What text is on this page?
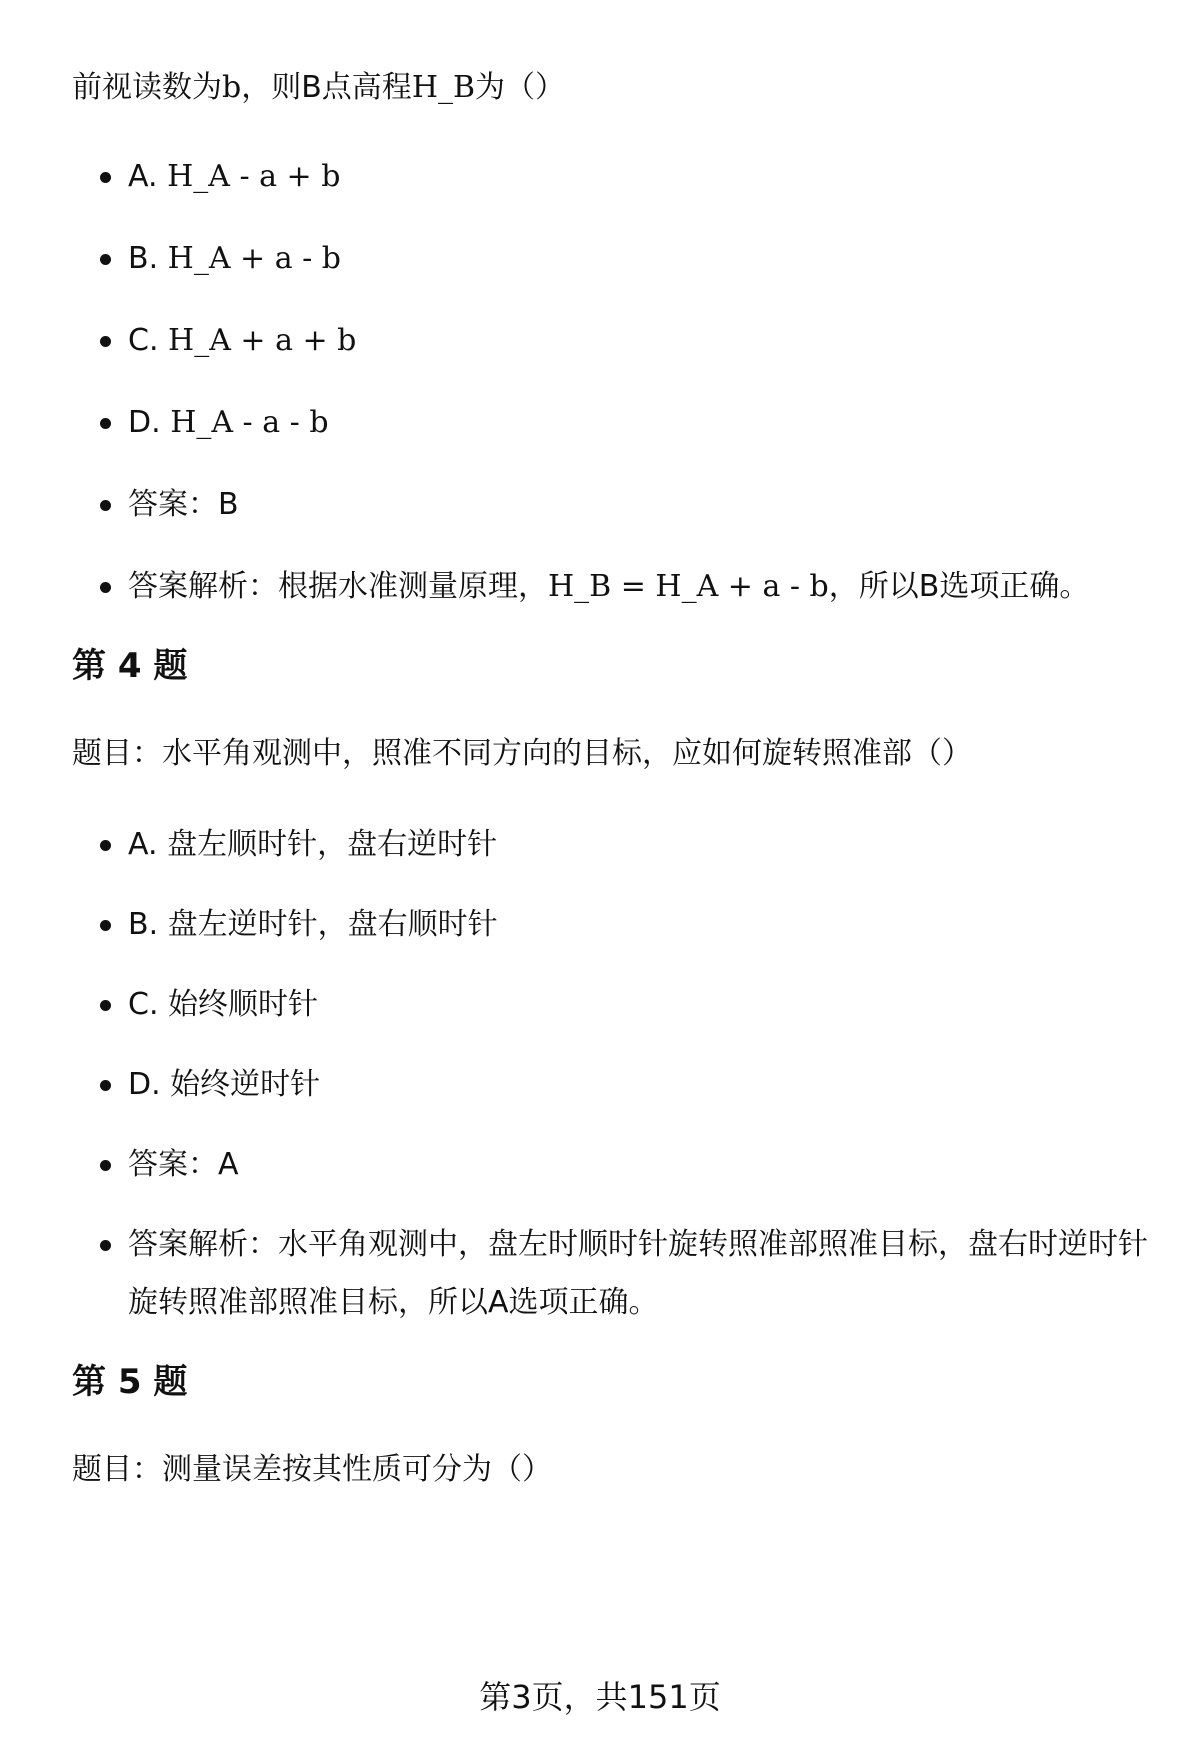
前视读数为b，则B点高程H_B为（）

A. H_A - a + b
B. H_A + a - b
C. H_A + a + b
D. H_A - a - b
答案：B
答案解析：根据水准测量原理，H_B = H_A + a - b，所以B选项正确。
第 4 题

题目：水平角观测中，照准不同方向的目标，应如何旋转照准部（）

A. 盘左顺时针，盘右逆时针
B. 盘左逆时针，盘右顺时针
C. 始终顺时针
D. 始终逆时针
答案：A
答案解析：水平角观测中，盘左时顺时针旋转照准部照准目标，盘右时逆时针
旋转照准部照准目标，所以A选项正确。
第 5 题

题目：测量误差按其性质可分为（）

第3页，共151页
